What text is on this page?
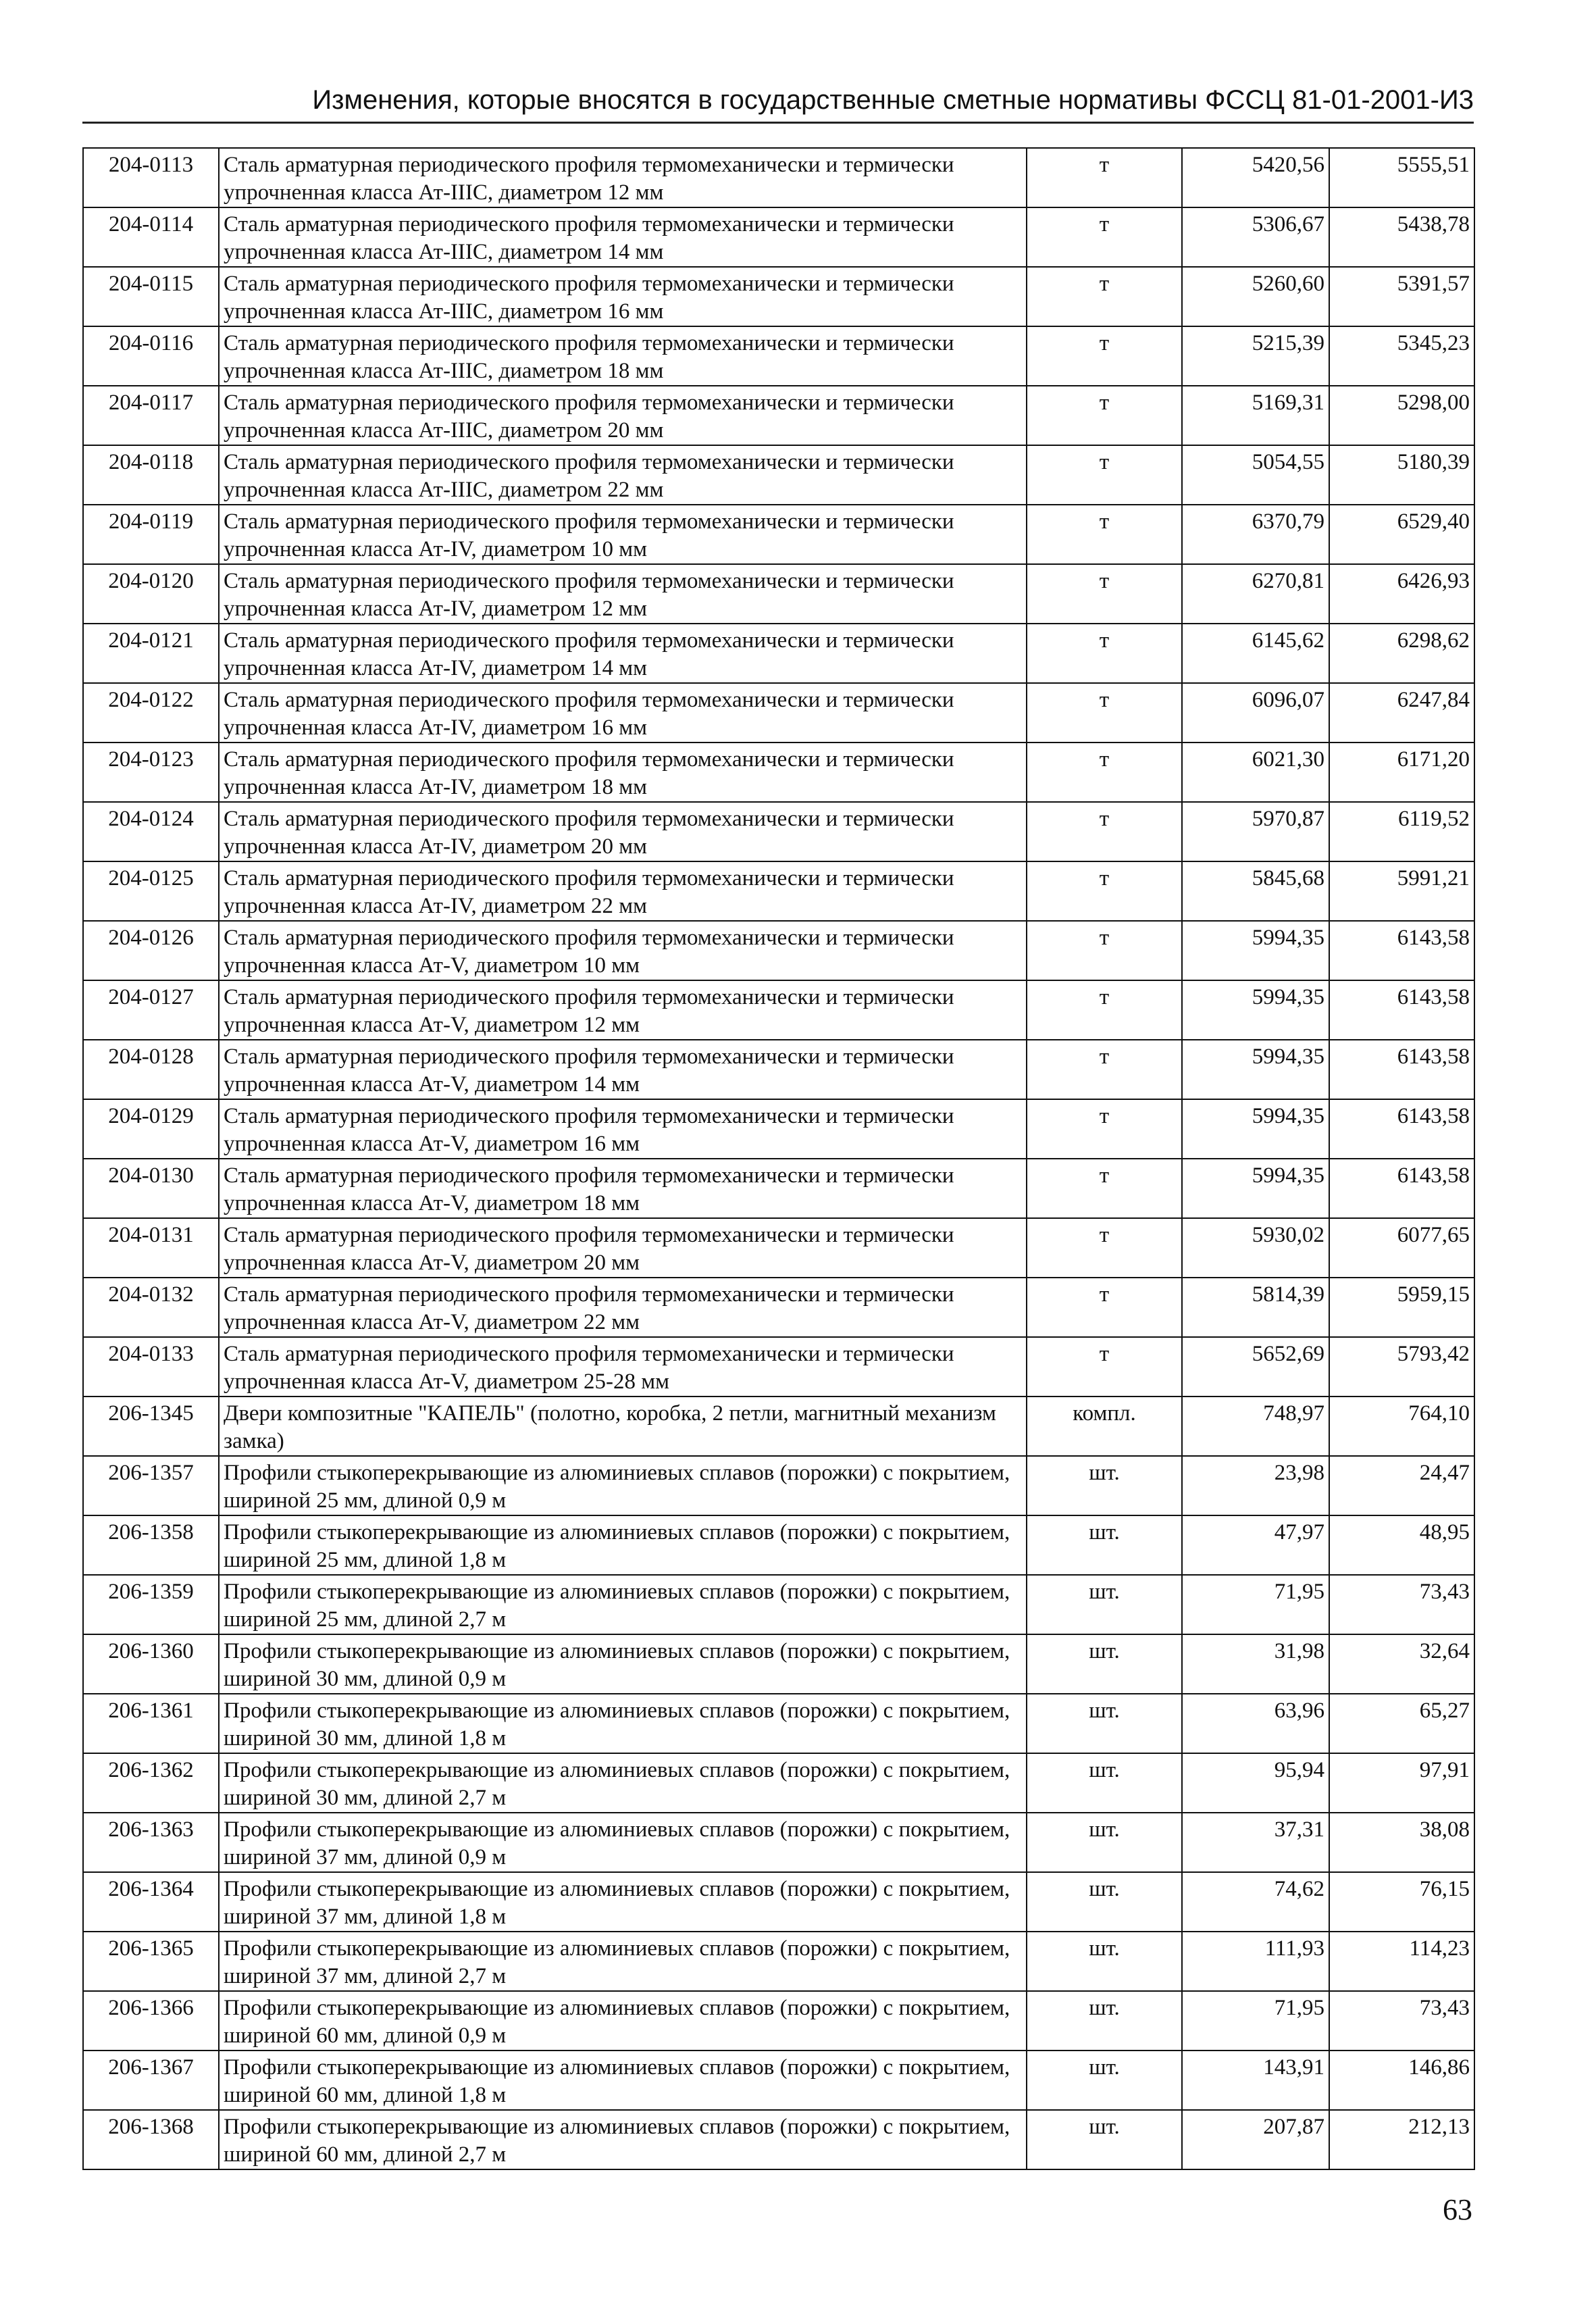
Изменения, которые вносятся в государственные сметные нормативы ФССЦ 81-01-2001-И3
204-0113	Сталь арматурная периодического профиля термомеханически и термически упрочненная класса Ат-IIIС, диаметром 12 мм	т	5420,56	5555,51
204-0114	Сталь арматурная периодического профиля термомеханически и термически упрочненная класса Ат-IIIС, диаметром 14 мм	т	5306,67	5438,78
204-0115	Сталь арматурная периодического профиля термомеханически и термически упрочненная класса Ат-IIIС, диаметром 16 мм	т	5260,60	5391,57
204-0116	Сталь арматурная периодического профиля термомеханически и термически упрочненная класса Ат-IIIС, диаметром 18 мм	т	5215,39	5345,23
204-0117	Сталь арматурная периодического профиля термомеханически и термически упрочненная класса Ат-IIIС, диаметром 20 мм	т	5169,31	5298,00
204-0118	Сталь арматурная периодического профиля термомеханически и термически упрочненная класса Ат-IIIС, диаметром 22 мм	т	5054,55	5180,39
204-0119	Сталь арматурная периодического профиля термомеханически и термически упрочненная класса Ат-IV, диаметром 10 мм	т	6370,79	6529,40
204-0120	Сталь арматурная периодического профиля термомеханически и термически упрочненная класса Ат-IV, диаметром 12 мм	т	6270,81	6426,93
204-0121	Сталь арматурная периодического профиля термомеханически и термически упрочненная класса Ат-IV, диаметром 14 мм	т	6145,62	6298,62
204-0122	Сталь арматурная периодического профиля термомеханически и термически упрочненная класса Ат-IV, диаметром 16 мм	т	6096,07	6247,84
204-0123	Сталь арматурная периодического профиля термомеханически и термически упрочненная класса Ат-IV, диаметром 18 мм	т	6021,30	6171,20
204-0124	Сталь арматурная периодического профиля термомеханически и термически упрочненная класса Ат-IV, диаметром 20 мм	т	5970,87	6119,52
204-0125	Сталь арматурная периодического профиля термомеханически и термически упрочненная класса Ат-IV, диаметром 22 мм	т	5845,68	5991,21
204-0126	Сталь арматурная периодического профиля термомеханически и термически упрочненная класса Ат-V, диаметром 10 мм	т	5994,35	6143,58
204-0127	Сталь арматурная периодического профиля термомеханически и термически упрочненная класса Ат-V, диаметром 12 мм	т	5994,35	6143,58
204-0128	Сталь арматурная периодического профиля термомеханически и термически упрочненная класса Ат-V, диаметром 14 мм	т	5994,35	6143,58
204-0129	Сталь арматурная периодического профиля термомеханически и термически упрочненная класса Ат-V, диаметром 16 мм	т	5994,35	6143,58
204-0130	Сталь арматурная периодического профиля термомеханически и термически упрочненная класса Ат-V, диаметром 18 мм	т	5994,35	6143,58
204-0131	Сталь арматурная периодического профиля термомеханически и термически упрочненная класса Ат-V, диаметром 20 мм	т	5930,02	6077,65
204-0132	Сталь арматурная периодического профиля термомеханически и термически упрочненная класса Ат-V, диаметром 22 мм	т	5814,39	5959,15
204-0133	Сталь арматурная периодического профиля термомеханически и термически упрочненная класса Ат-V, диаметром 25-28 мм	т	5652,69	5793,42
206-1345	Двери композитные "КАПЕЛЬ" (полотно, коробка, 2 петли, магнитный механизм замка)	компл.	748,97	764,10
206-1357	Профили стыкоперекрывающие из алюминиевых сплавов (порожки) с покрытием, шириной 25 мм, длиной 0,9 м	шт.	23,98	24,47
206-1358	Профили стыкоперекрывающие из алюминиевых сплавов (порожки) с покрытием, шириной 25 мм, длиной 1,8 м	шт.	47,97	48,95
206-1359	Профили стыкоперекрывающие из алюминиевых сплавов (порожки) с покрытием, шириной 25 мм, длиной 2,7 м	шт.	71,95	73,43
206-1360	Профили стыкоперекрывающие из алюминиевых сплавов (порожки) с покрытием, шириной 30 мм, длиной 0,9 м	шт.	31,98	32,64
206-1361	Профили стыкоперекрывающие из алюминиевых сплавов (порожки) с покрытием, шириной 30 мм, длиной 1,8 м	шт.	63,96	65,27
206-1362	Профили стыкоперекрывающие из алюминиевых сплавов (порожки) с покрытием, шириной 30 мм, длиной 2,7 м	шт.	95,94	97,91
206-1363	Профили стыкоперекрывающие из алюминиевых сплавов (порожки) с покрытием, шириной 37 мм, длиной 0,9 м	шт.	37,31	38,08
206-1364	Профили стыкоперекрывающие из алюминиевых сплавов (порожки) с покрытием, шириной 37 мм, длиной 1,8 м	шт.	74,62	76,15
206-1365	Профили стыкоперекрывающие из алюминиевых сплавов (порожки) с покрытием, шириной 37 мм, длиной 2,7 м	шт.	111,93	114,23
206-1366	Профили стыкоперекрывающие из алюминиевых сплавов (порожки) с покрытием, шириной 60 мм, длиной 0,9 м	шт.	71,95	73,43
206-1367	Профили стыкоперекрывающие из алюминиевых сплавов (порожки) с покрытием, шириной 60 мм, длиной 1,8 м	шт.	143,91	146,86
206-1368	Профили стыкоперекрывающие из алюминиевых сплавов (порожки) с покрытием, шириной 60 мм, длиной 2,7 м	шт.	207,87	212,13
63
